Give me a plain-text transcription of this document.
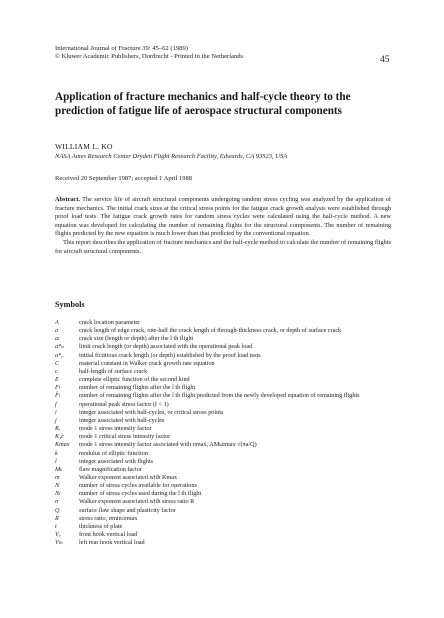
International Journal of Fracture 39: 45–62 (1989)
© Kluwer Academic Publishers, Dordrecht - Printed in the Netherlands	45
Application of fracture mechanics and half-cycle theory to the prediction of fatigue life of aerospace structural components
WILLIAM L. KO
NASA Ames Research Center Dryden Flight Research Facility, Edwards, CA 93523, USA
Received 20 September 1987; accepted 1 April 1988

Abstract. The service life of aircraft structural components undergoing random stress cycling was analyzed by the application of fracture mechanics. The initial crack sizes at the critical stress points for the fatigue crack growth analysis were established through proof load tests. The fatigue crack growth rates for random stress cycles were calculated using the half-cycle method. A new equation was developed for calculating the number of remaining flights for the structural components. The number of remaining flights predicted by the new equation is much lower than that predicted by the conventional equation.

This report describes the application of fracture mechanics and the half-cycle method to calculate the number of remaining flights for aircraft structural components.

Symbols
A	crack location parameter
a	crack length of edge crack, one-half the crack length of through-thickness crack, or depth of surface crack
aₗ	crack size (length or depth) after the l th flight
a*ₚ	limit crack length (or depth) associated with the operational peak load
a*ₒ	initial fictitious crack length (or depth) established by the proof load tests
C	material constant in Walker crack growth rate equation
c	half-length of surface crack
E	complete elliptic function of the second kind
Fₗ	number of remaining flights after the l th flight
F̂ₗ	number of remaining flights after the l th flight predicted from the newly developed equation of remaining flights
f	operational peak stress factor (f < 1)
i	integer associated with half-cycles, or critical stress points
j	integer associated with half-cycles
Kᵢ	mode 1 stress intensity factor
K₁c	mode 1 critical stress intensity factor
Kmax	mode 1 stress intensity factor associated with σmax, AMₖσmax √(πa/Q)
k	modulus of elliptic function
l	integer associated with flights
Mₖ	flaw magnification factor
m	Walker exponent associated with Kmax
N	number of stress cycles available for operations
Nₗ	number of stress cycles used during the l th flight
n	Walker exponent associated with stress ratio R
Q	surface flaw shape and plasticity factor
R	stress ratio, σmin/σmax
t	thickness of plate
Vₐ	front hook vertical load
Vₗₕ	left rear hook vertical load
